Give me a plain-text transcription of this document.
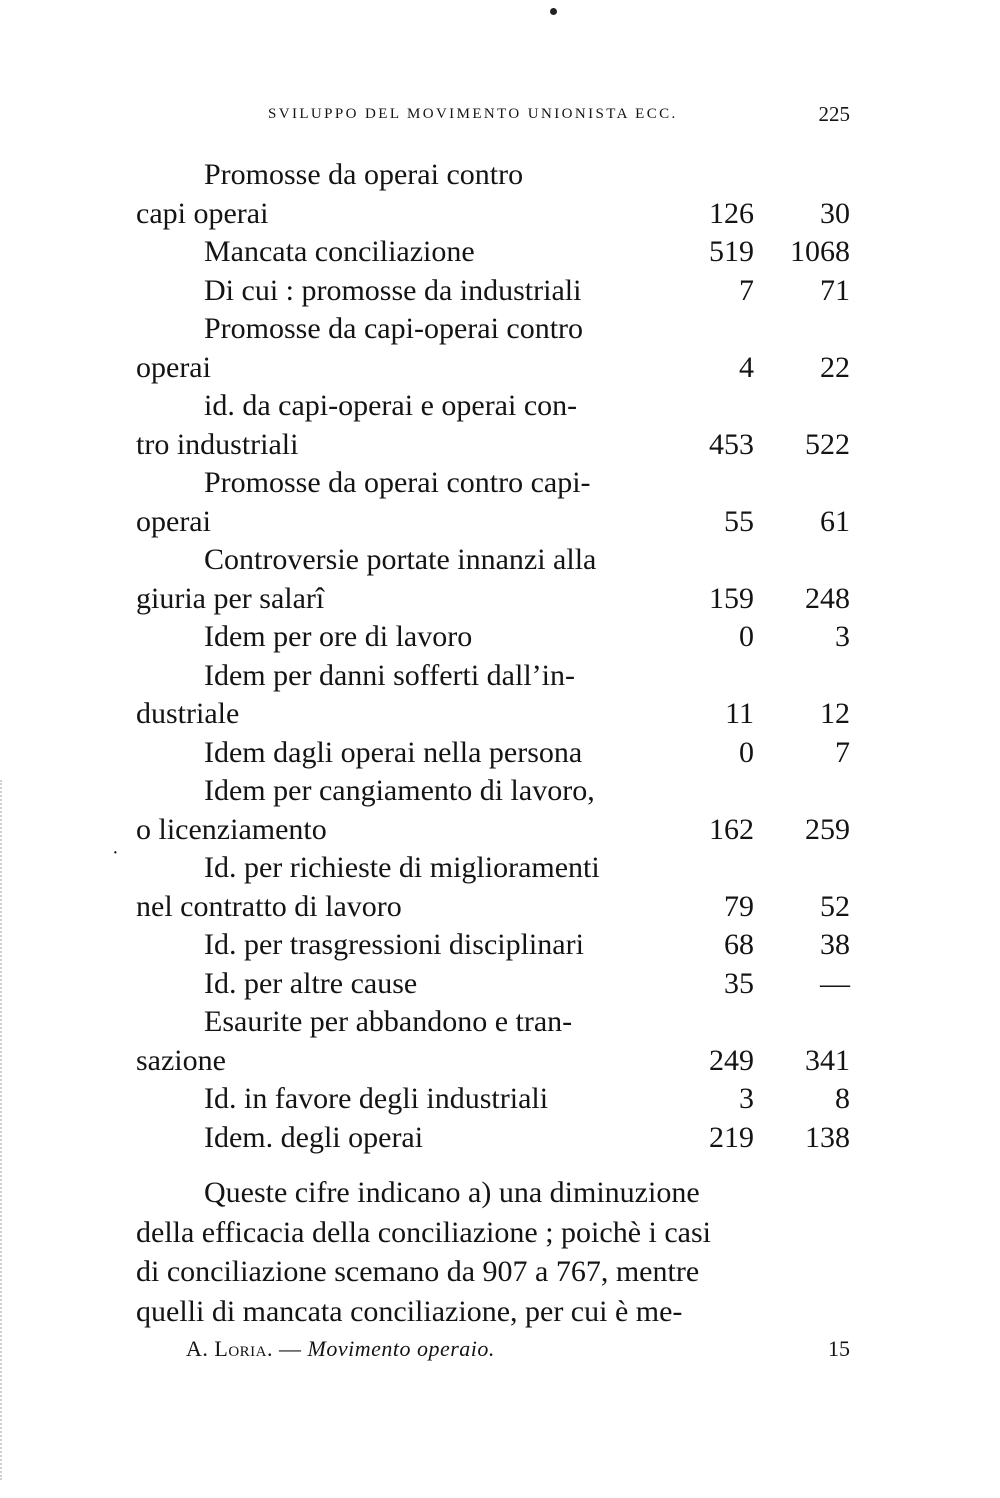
SVILUPPO DEL MOVIMENTO UNIONISTA ECC.	225
Promosse da operai contro
capi operai	126	30
Mancata conciliazione	519	1068
Di cui : promosse da industriali	7	71
Promosse da capi-operai contro
operai	4	22
id. da capi-operai e operai con-
tro industriali	453	522
Promosse da operai contro capi-
operai	55	61
Controversie portate innanzi alla
giuria per salarî	159	248
Idem per ore di lavoro	0	3
Idem per danni sofferti dall’in-
dustriale	11	12
Idem dagli operai nella persona	0	7
Idem per cangiamento di lavoro,
o licenziamento	162	259
Id. per richieste di miglioramenti
nel contratto di lavoro	79	52
Id. per trasgressioni disciplinari	68	38
Id. per altre cause	35	—
Esaurite per abbandono e tran-
sazione	249	341
Id. in favore degli industriali	3	8
Idem. degli operai	219	138
·
Queste cifre indicano a) una diminuzione
della efficacia della conciliazione ; poichè i casi
di conciliazione scemano da 907 a 767, mentre
quelli di mancata conciliazione, per cui è me-
A. Loria. — Movimento operaio.	15
